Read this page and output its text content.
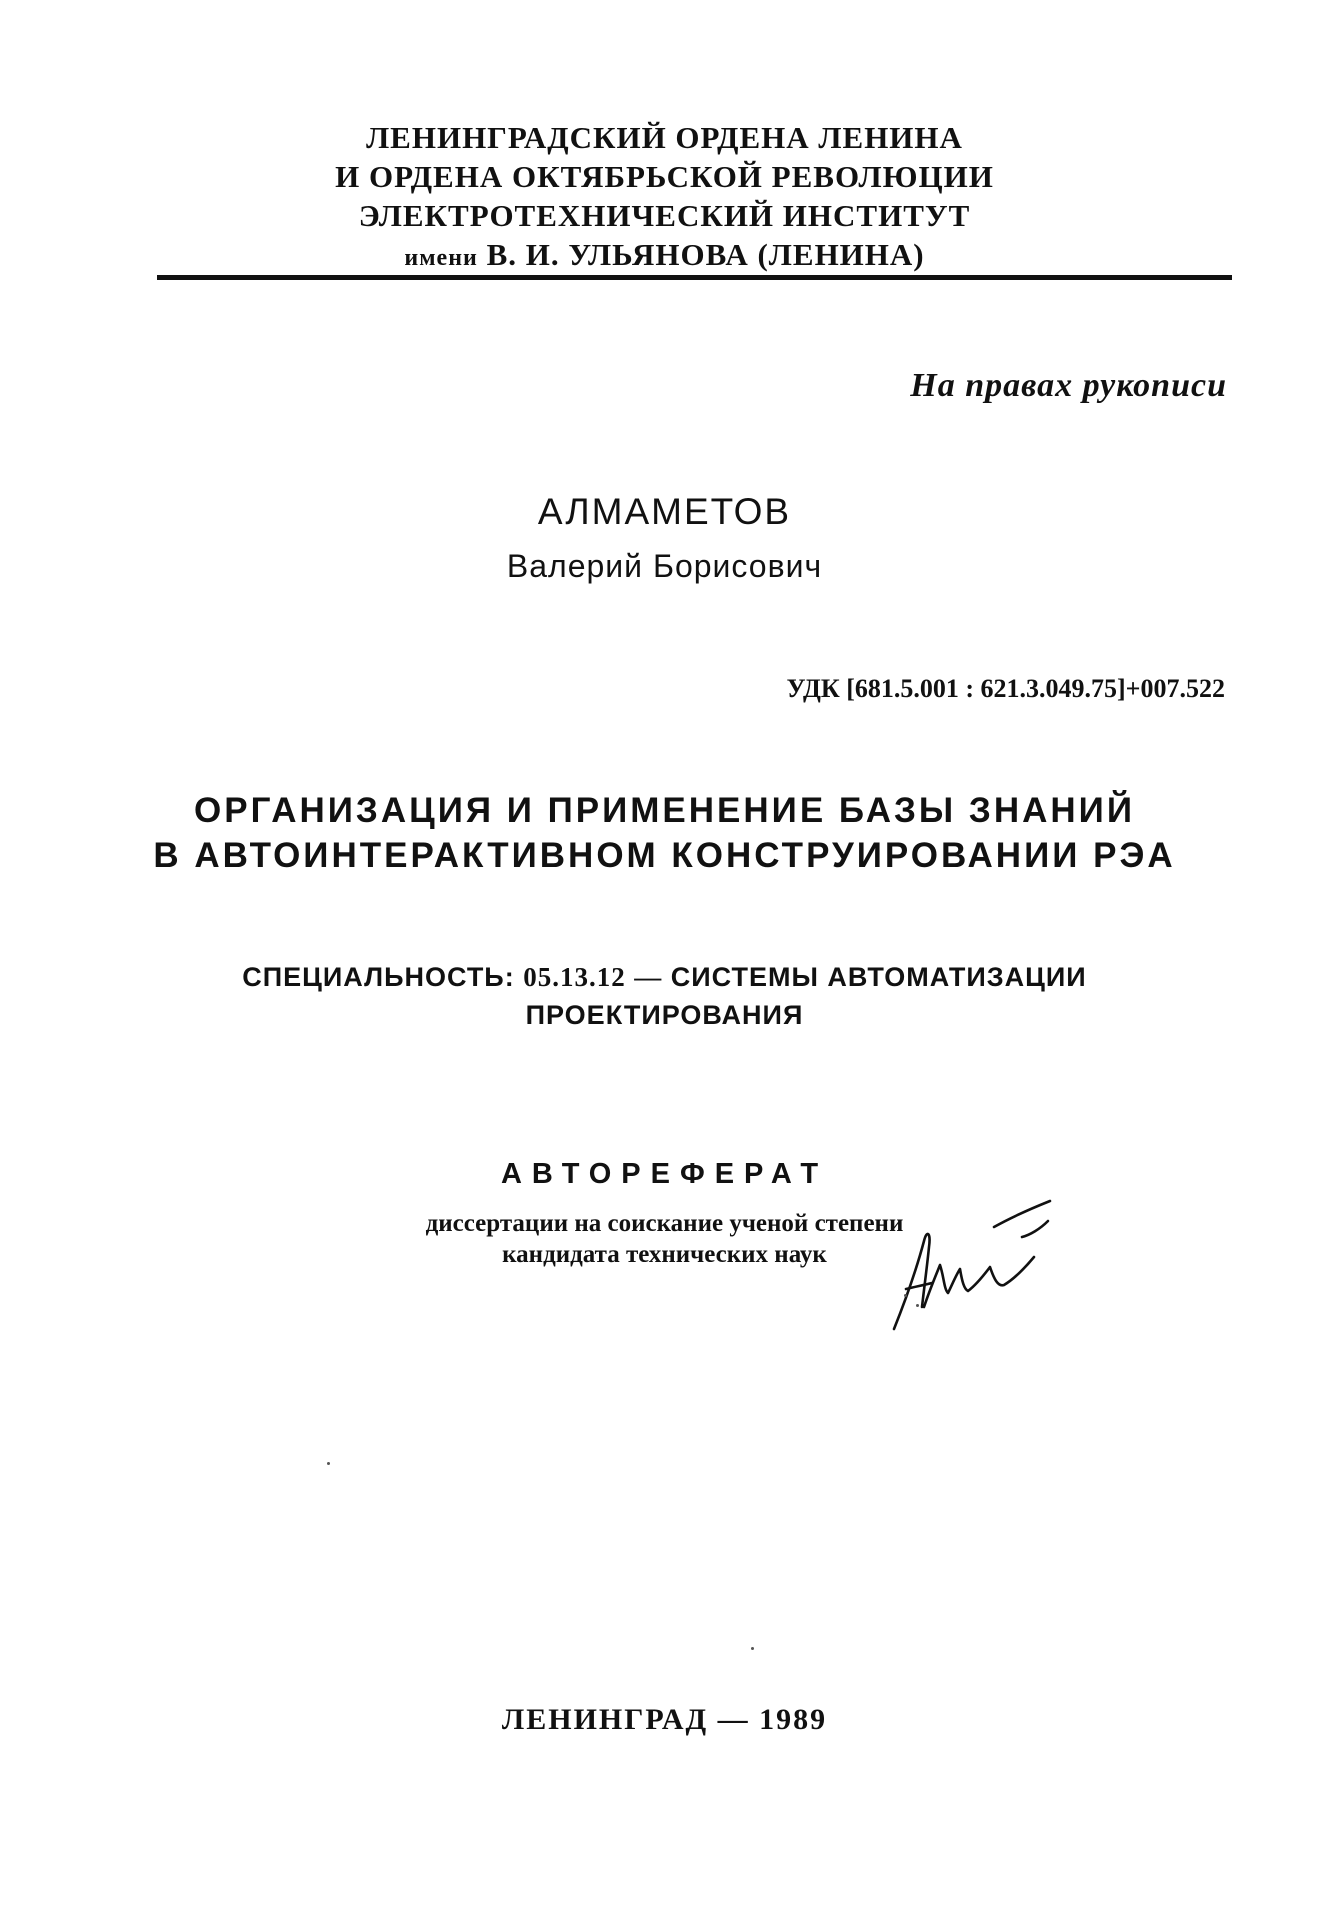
ЛЕНИНГРАДСКИЙ ОРДЕНА ЛЕНИНА
И ОРДЕНА ОКТЯБРЬСКОЙ РЕВОЛЮЦИИ
ЭЛЕКТРОТЕХНИЧЕСКИЙ ИНСТИТУТ
имени В. И. УЛЬЯНОВА (ЛЕНИНА)
На правах рукописи
АЛМАМЕТОВ
Валерий Борисович
УДК [681.5.001 : 621.3.049.75]+007.522
ОРГАНИЗАЦИЯ И ПРИМЕНЕНИЕ БАЗЫ ЗНАНИЙ
В АВТОИНТЕРАКТИВНОМ КОНСТРУИРОВАНИИ РЭА
СПЕЦИАЛЬНОСТЬ: 05.13.12 — СИСТЕМЫ АВТОМАТИЗАЦИИ
ПРОЕКТИРОВАНИЯ
АВТОРЕФЕРАТ
диссертации на соискание ученой степени
кандидата технических наук
ЛЕНИНГРАД — 1989
